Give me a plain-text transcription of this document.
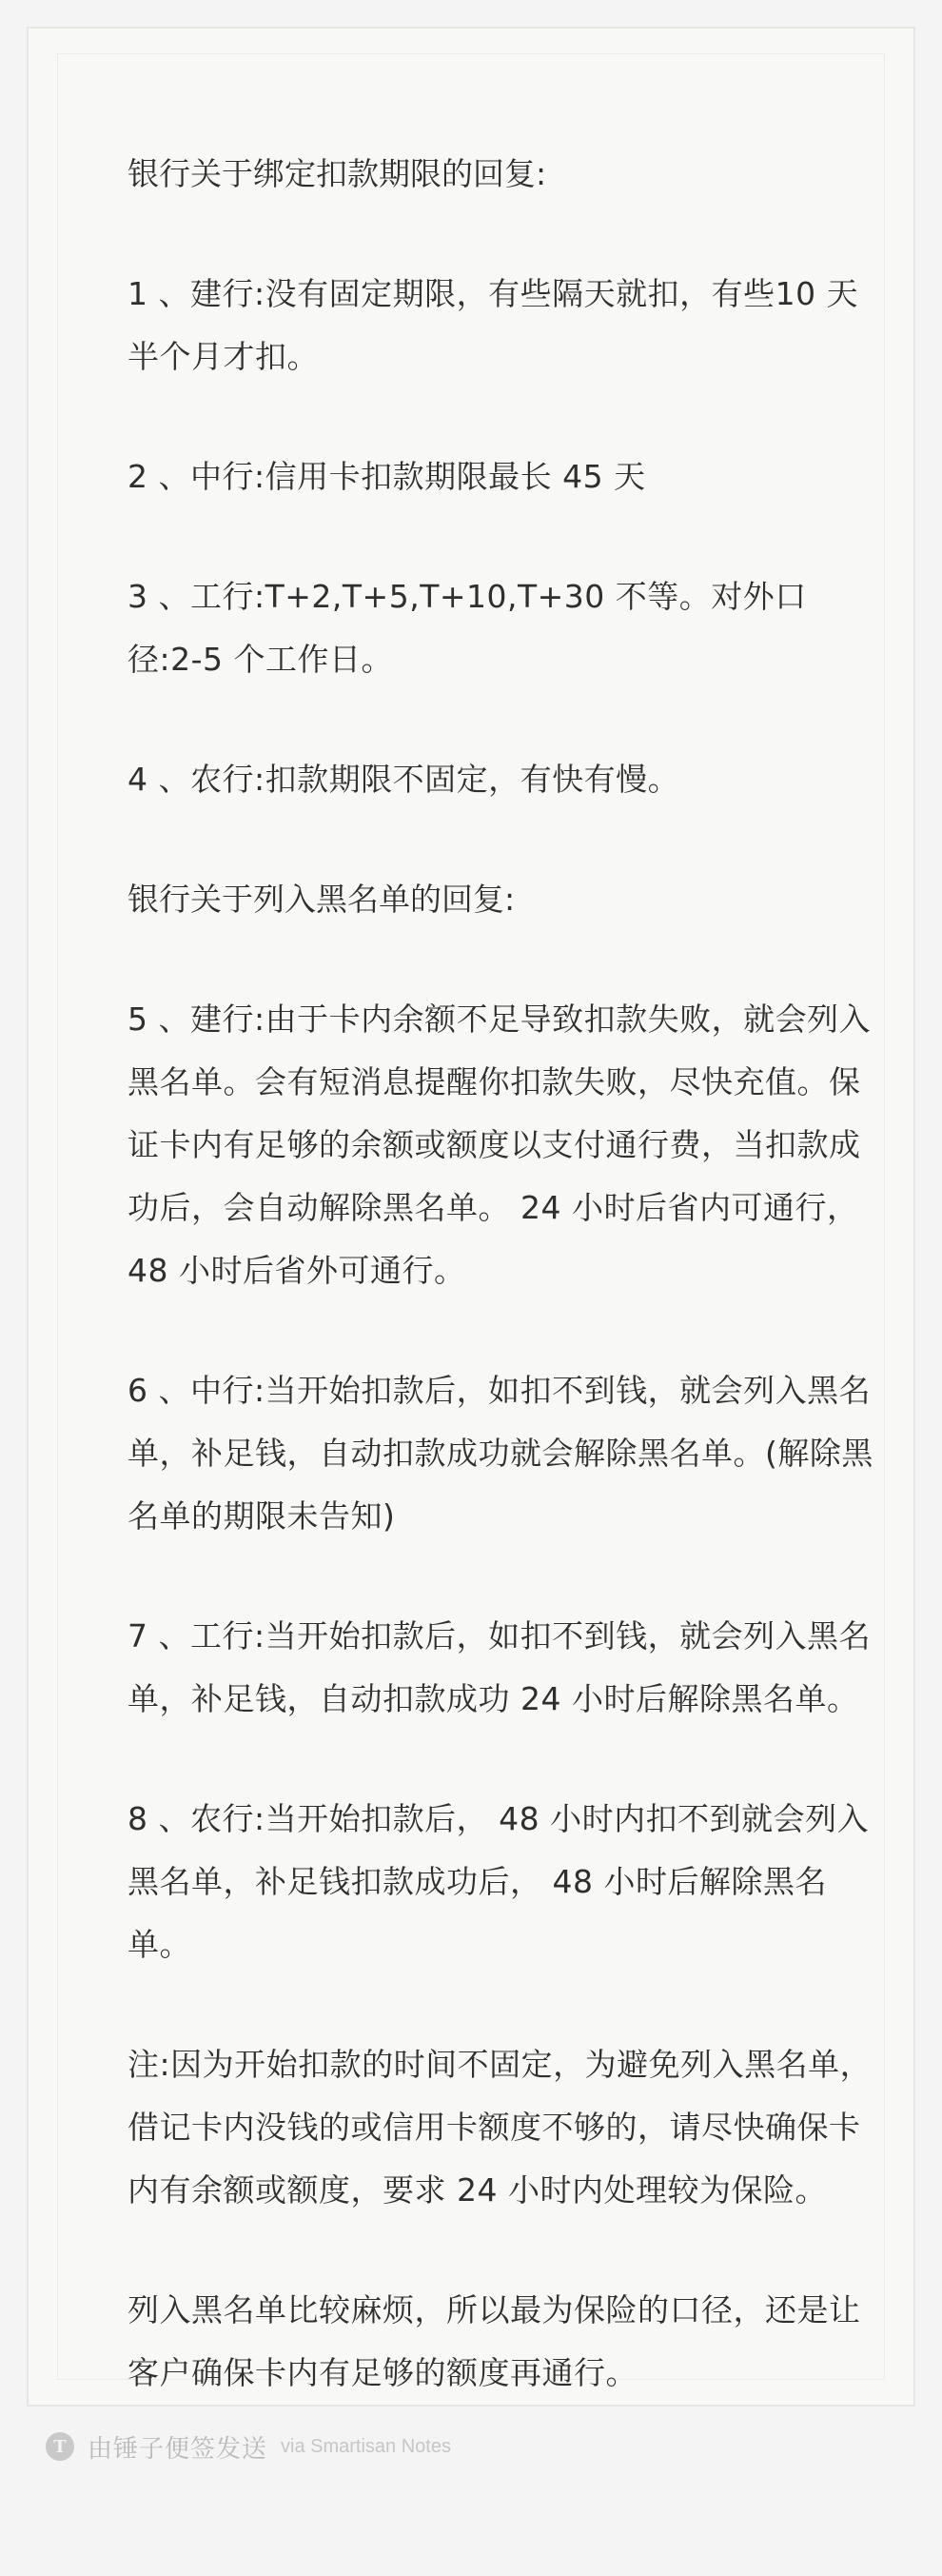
银行关于绑定扣款期限的回复:

1 、建行:没有固定期限，有些隔天就扣，有些10 天半个月才扣。

2 、中行:信用卡扣款期限最长 45 天

3 、工行:T+2,T+5,T+10,T+30 不等。对外口径:2-5 个工作日。

4 、农行:扣款期限不固定，有快有慢。

银行关于列入黑名单的回复:

5 、建行:由于卡内余额不足导致扣款失败，就会列入黑名单。会有短消息提醒你扣款失败，尽快充值。保证卡内有足够的余额或额度以支付通行费，当扣款成功后，会自动解除黑名单。 24 小时后省内可通行， 48 小时后省外可通行。

6 、中行:当开始扣款后，如扣不到钱，就会列入黑名单，补足钱，自动扣款成功就会解除黑名单。(解除黑名单的期限未告知)

7 、工行:当开始扣款后，如扣不到钱，就会列入黑名单，补足钱，自动扣款成功 24 小时后解除黑名单。

8 、农行:当开始扣款后， 48 小时内扣不到就会列入黑名单，补足钱扣款成功后， 48 小时后解除黑名单。

注:因为开始扣款的时间不固定，为避免列入黑名单，借记卡内没钱的或信用卡额度不够的，请尽快确保卡内有余额或额度，要求 24 小时内处理较为保险。

列入黑名单比较麻烦，所以最为保险的口径，还是让客户确保卡内有足够的额度再通行。

T 由锤子便签发送 via Smartisan Notes
